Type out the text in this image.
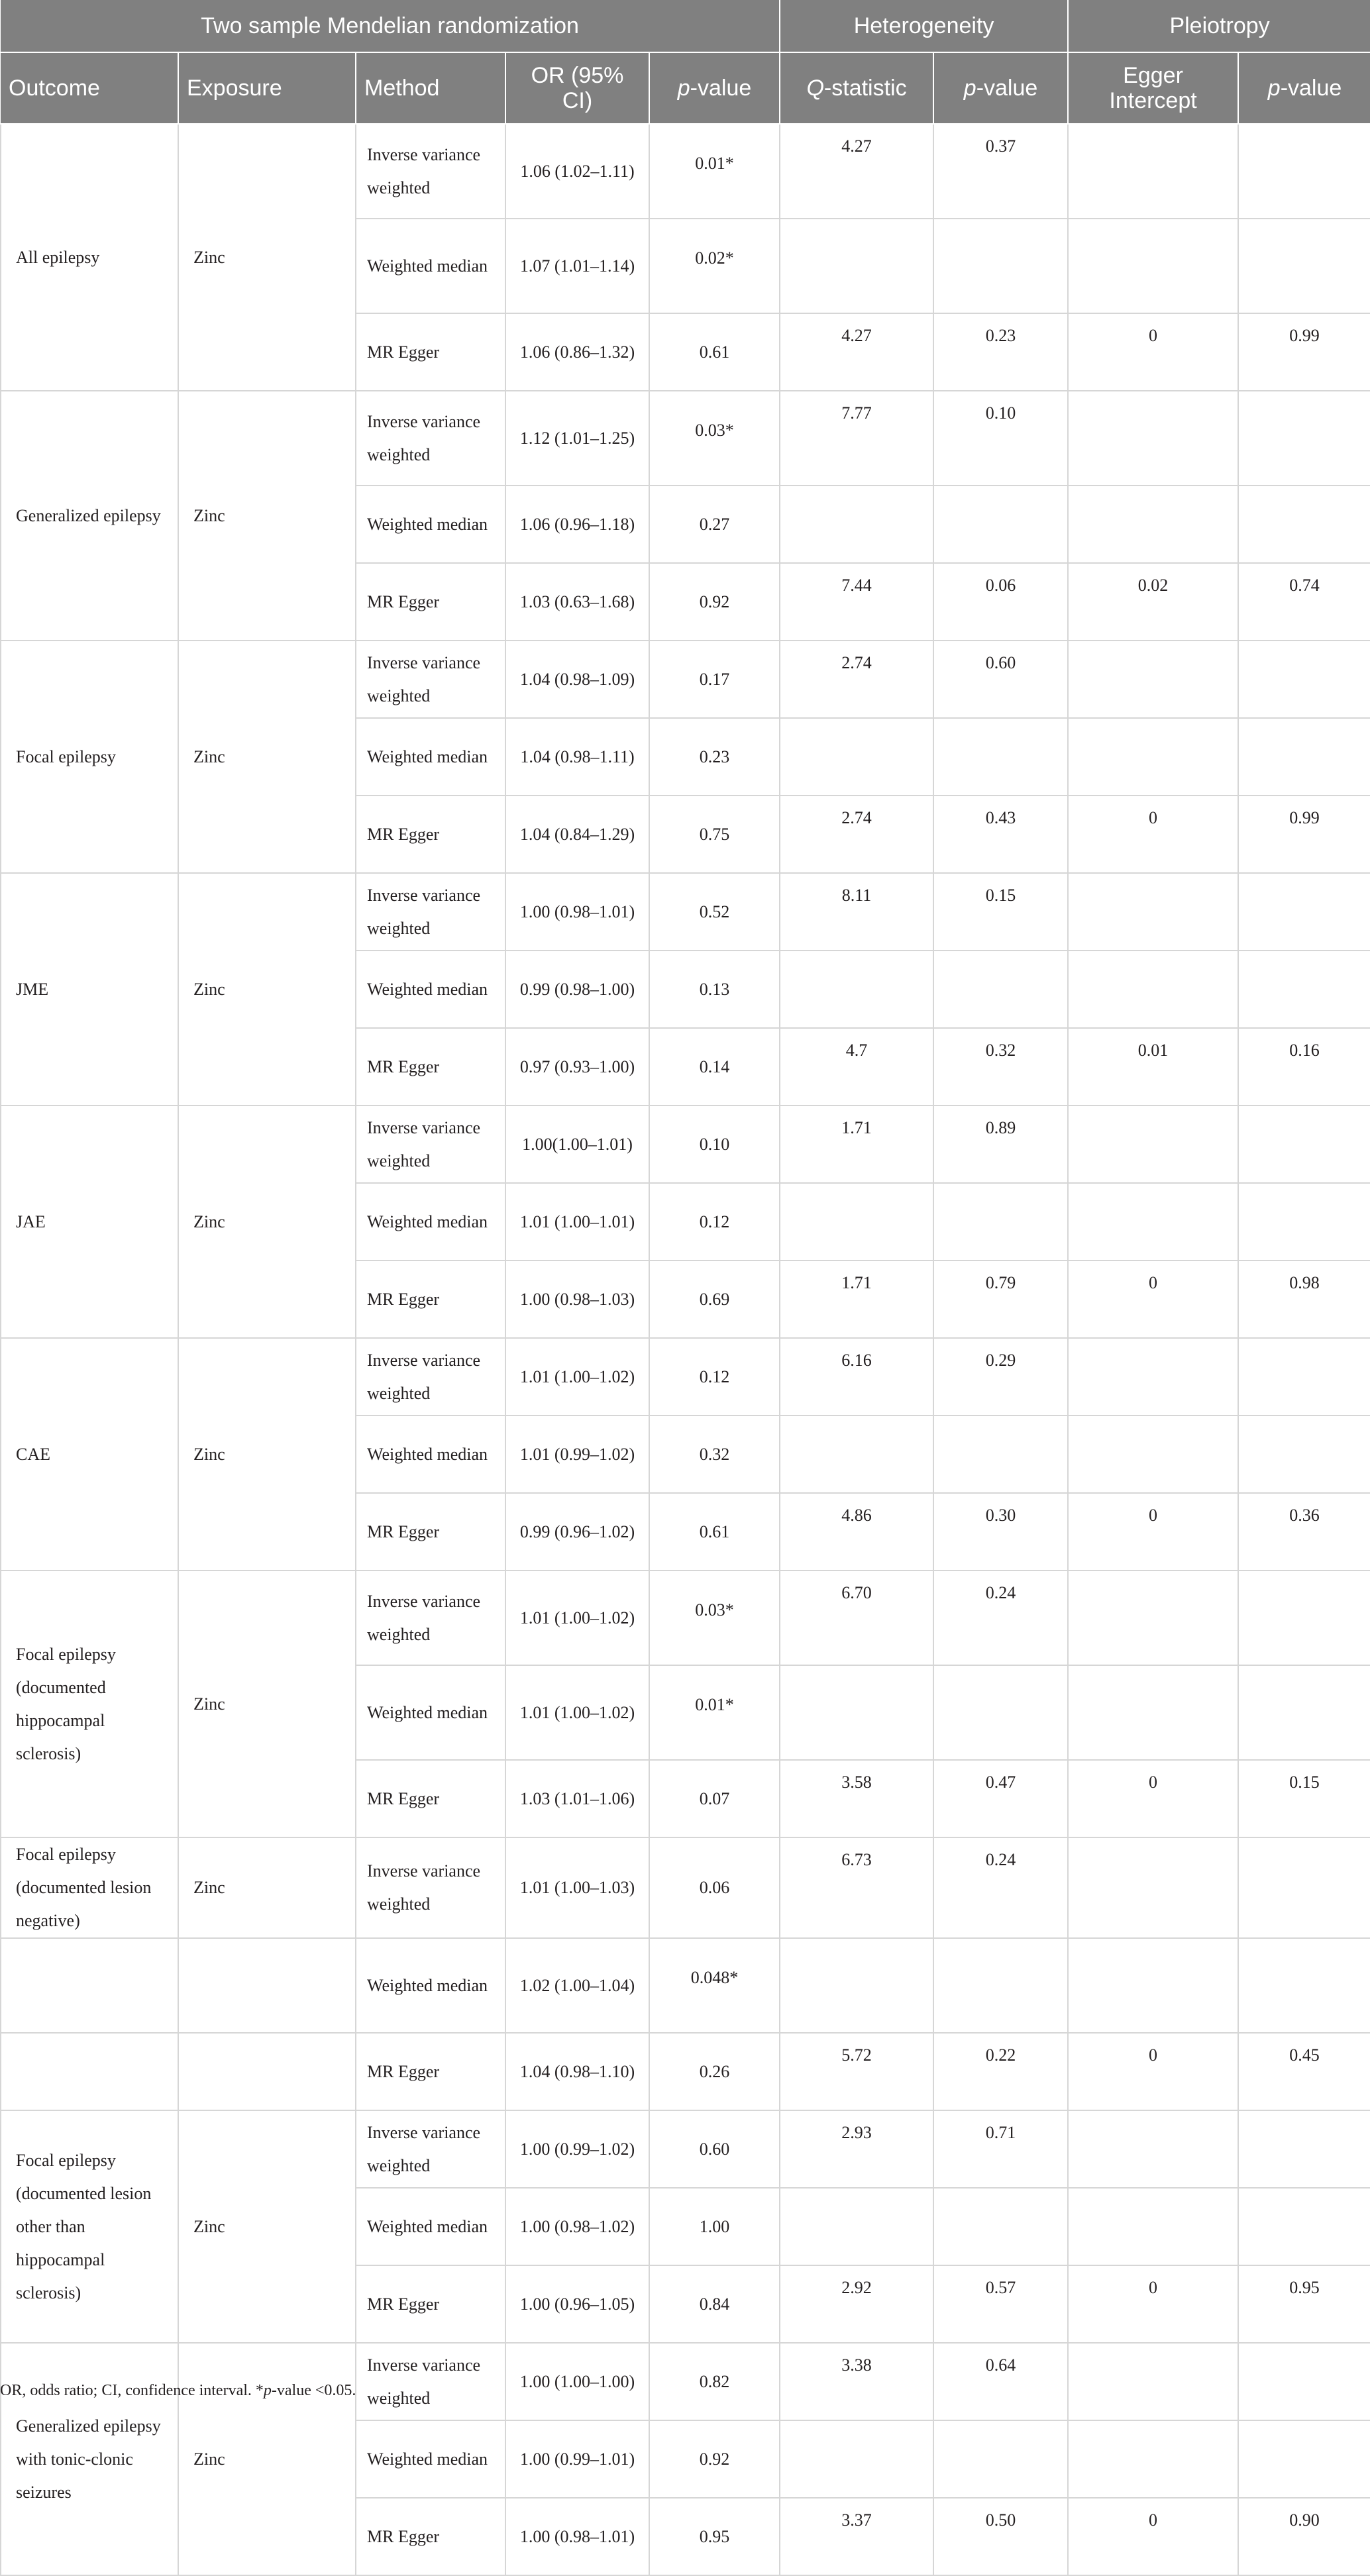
Two sample Mendelian randomization					Heterogeneity		Pleiotropy	
Outcome	Exposure	Method	OR (95% CI)	p-value	Q-statistic	p-value	Egger Intercept	p-value
All epilepsy	Zinc	Inverse variance weighted	1.06 (1.02–1.11)	0.01*	4.27	0.37		
		Weighted median	1.07 (1.01–1.14)	0.02*				
		MR Egger	1.06 (0.86–1.32)	0.61	4.27	0.23	0	0.99
Generalized epilepsy	Zinc	Inverse variance weighted	1.12 (1.01–1.25)	0.03*	7.77	0.10		
		Weighted median	1.06 (0.96–1.18)	0.27				
		MR Egger	1.03 (0.63–1.68)	0.92	7.44	0.06	0.02	0.74
Focal epilepsy	Zinc	Inverse variance weighted	1.04 (0.98–1.09)	0.17	2.74	0.60		
		Weighted median	1.04 (0.98–1.11)	0.23				
		MR Egger	1.04 (0.84–1.29)	0.75	2.74	0.43	0	0.99
JME	Zinc	Inverse variance weighted	1.00 (0.98–1.01)	0.52	8.11	0.15		
		Weighted median	0.99 (0.98–1.00)	0.13				
		MR Egger	0.97 (0.93–1.00)	0.14	4.7	0.32	0.01	0.16
JAE	Zinc	Inverse variance weighted	1.00(1.00–1.01)	0.10	1.71	0.89		
		Weighted median	1.01 (1.00–1.01)	0.12				
		MR Egger	1.00 (0.98–1.03)	0.69	1.71	0.79	0	0.98
CAE	Zinc	Inverse variance weighted	1.01 (1.00–1.02)	0.12	6.16	0.29		
		Weighted median	1.01 (0.99–1.02)	0.32				
		MR Egger	0.99 (0.96–1.02)	0.61	4.86	0.30	0	0.36
Focal epilepsy (documented hippocampal sclerosis)	Zinc	Inverse variance weighted	1.01 (1.00–1.02)	0.03*	6.70	0.24		
		Weighted median	1.01 (1.00–1.02)	0.01*				
		MR Egger	1.03 (1.01–1.06)	0.07	3.58	0.47	0	0.15
Focal epilepsy (documented lesion negative)	Zinc	Inverse variance weighted	1.01 (1.00–1.03)	0.06	6.73	0.24		
		Weighted median	1.02 (1.00–1.04)	0.048*				
		MR Egger	1.04 (0.98–1.10)	0.26	5.72	0.22	0	0.45
Focal epilepsy (documented lesion other than hippocampal sclerosis)	Zinc	Inverse variance weighted	1.00 (0.99–1.02)	0.60	2.93	0.71		
		Weighted median	1.00 (0.98–1.02)	1.00				
		MR Egger	1.00 (0.96–1.05)	0.84	2.92	0.57	0	0.95
Generalized epilepsy with tonic-clonic seizures	Zinc	Inverse variance weighted	1.00 (1.00–1.00)	0.82	3.38	0.64		
		Weighted median	1.00 (0.99–1.01)	0.92				
		MR Egger	1.00 (0.98–1.01)	0.95	3.37	0.50	0	0.90
OR, odds ratio; CI, confidence interval. *p-value <0.05.
